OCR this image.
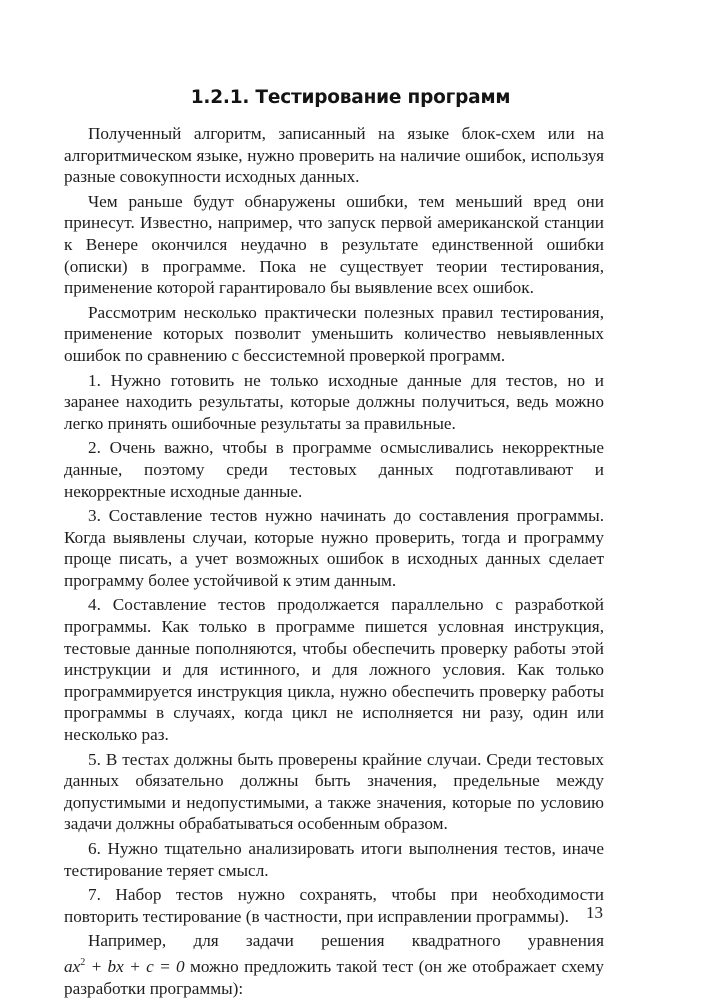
1.2.1. Тестирование программ

Полученный алгоритм, записанный на языке блок-схем или на алгоритмическом языке, нужно проверить на наличие ошибок, используя разные совокупности исходных данных.

Чем раньше будут обнаружены ошибки, тем меньший вред они принесут. Известно, например, что запуск первой американской станции к Венере окончился неудачно в результате единственной ошибки (описки) в программе. Пока не существует теории тестирования, применение которой гарантировало бы выявление всех ошибок.

Рассмотрим несколько практически полезных правил тестирования, применение которых позволит уменьшить количество невыявленных ошибок по сравнению с бессистемной проверкой программ.

1. Нужно готовить не только исходные данные для тестов, но и заранее находить результаты, которые должны получиться, ведь можно легко принять ошибочные результаты за правильные.

2. Очень важно, чтобы в программе осмысливались некорректные данные, поэтому среди тестовых данных подготавливают и некорректные исходные данные.

3. Составление тестов нужно начинать до составления программы. Когда выявлены случаи, которые нужно проверить, тогда и программу проще писать, а учет возможных ошибок в исходных данных сделает программу более устойчивой к этим данным.

4. Составление тестов продолжается параллельно с разработкой программы. Как только в программе пишется условная инструкция, тестовые данные пополняются, чтобы обеспечить проверку работы этой инструкции и для истинного, и для ложного условия. Как только программируется инструкция цикла, нужно обеспечить проверку работы программы в случаях, когда цикл не исполняется ни разу, один или несколько раз.

5. В тестах должны быть проверены крайние случаи. Среди тестовых данных обязательно должны быть значения, предельные между допустимыми и недопустимыми, а также значения, которые по условию задачи должны обрабатываться особенным образом.

6. Нужно тщательно анализировать итоги выполнения тестов, иначе тестирование теряет смысл.

7. Набор тестов нужно сохранять, чтобы при необходимости повторить тестирование (в частности, при исправлении программы).

Например, для задачи решения квадратного уравнения $ax^2$ + bx + c = 0 можно предложить такой тест (он же отображает схему разработки программы):

13
